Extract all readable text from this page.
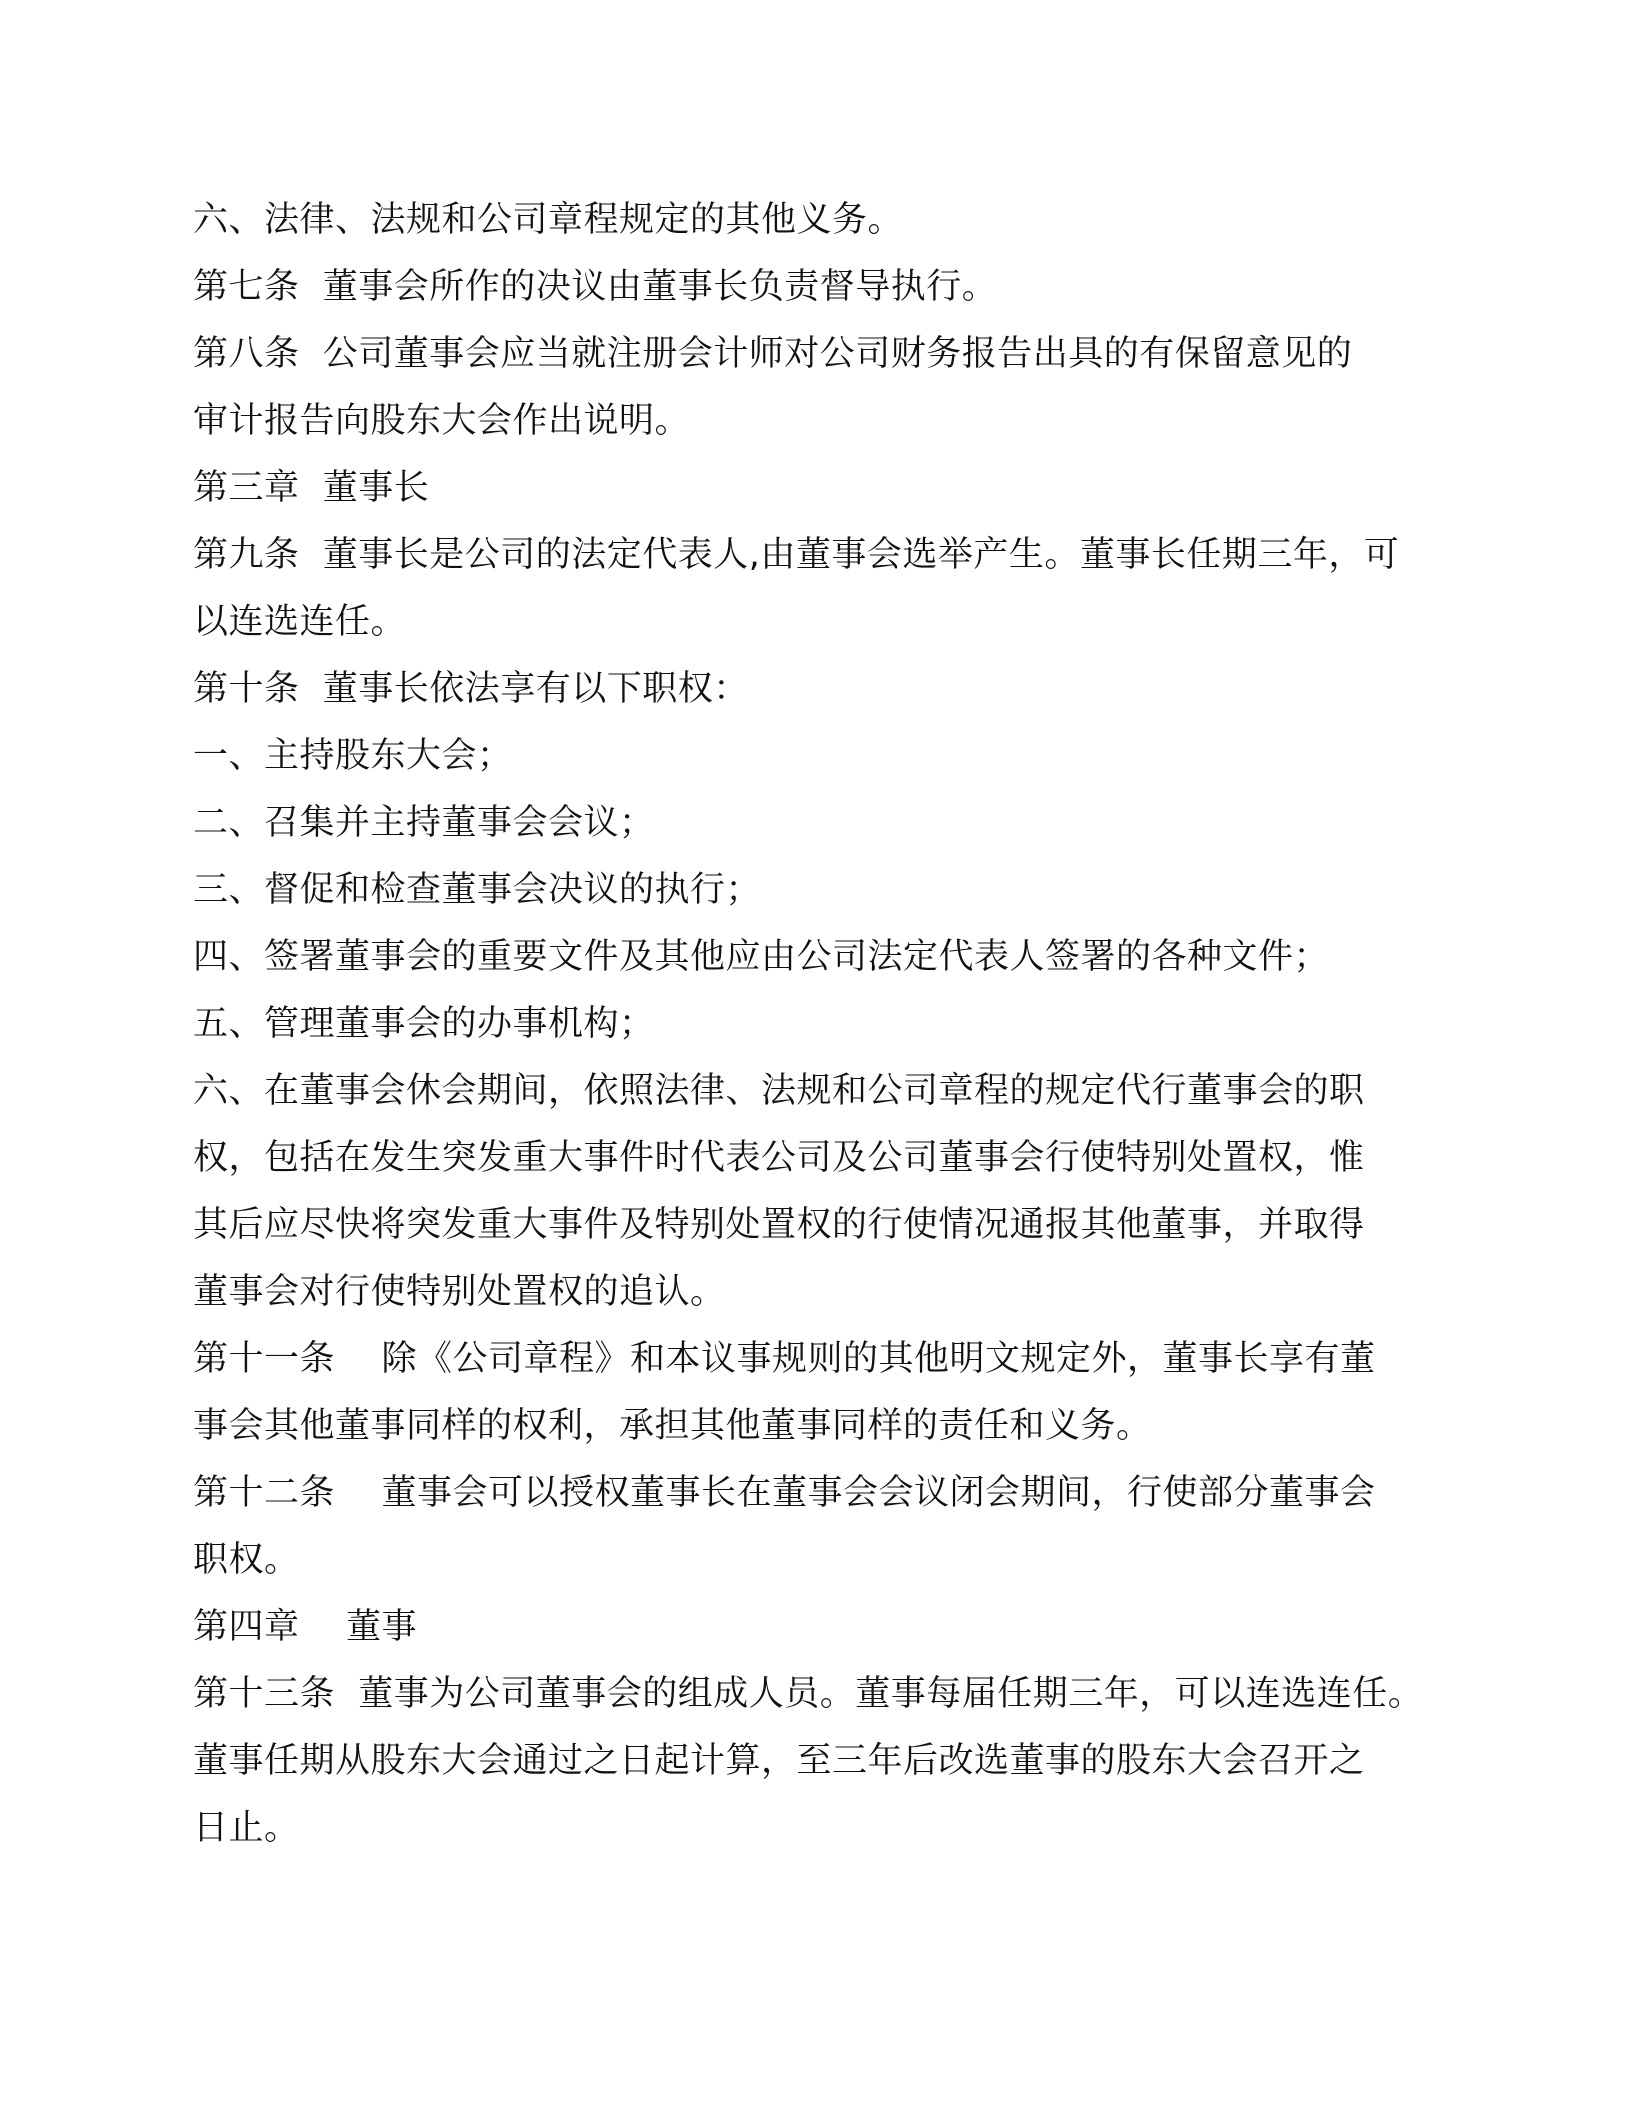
六、法律、法规和公司章程规定的其他义务。
第七条  董事会所作的决议由董事长负责督导执行。
第八条  公司董事会应当就注册会计师对公司财务报告出具的有保留意见的
审计报告向股东大会作出说明。
第三章  董事长
第九条  董事长是公司的法定代表人,由董事会选举产生。董事长任期三年，可
以连选连任。
第十条  董事长依法享有以下职权：
一、主持股东大会；
二、召集并主持董事会会议；
三、督促和检查董事会决议的执行；
四、签署董事会的重要文件及其他应由公司法定代表人签署的各种文件；
五、管理董事会的办事机构；
六、在董事会休会期间，依照法律、法规和公司章程的规定代行董事会的职
权，包括在发生突发重大事件时代表公司及公司董事会行使特别处置权，惟
其后应尽快将突发重大事件及特别处置权的行使情况通报其他董事，并取得
董事会对行使特别处置权的追认。
第十一条    除《公司章程》和本议事规则的其他明文规定外，董事长享有董
事会其他董事同样的权利，承担其他董事同样的责任和义务。
第十二条    董事会可以授权董事长在董事会会议闭会期间，行使部分董事会
职权。
第四章    董事
第十三条  董事为公司董事会的组成人员。董事每届任期三年，可以连选连任。
董事任期从股东大会通过之日起计算，至三年后改选董事的股东大会召开之
日止。
